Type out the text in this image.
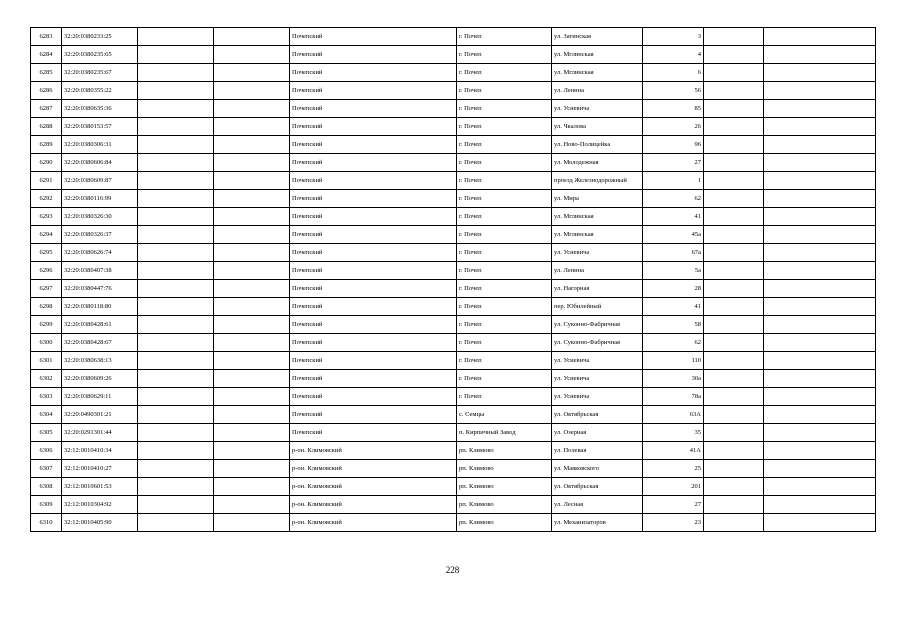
6283	32:20:0380233:25			Почепский	г. Почеп	ул. Затинская	3		
6284	32:20:0380235:65			Почепский	г. Почеп	ул. Мглинская	4		
6285	32:20:0380235:67			Почепский	г. Почеп	ул. Мглинская	6		
6286	32:20:0380355:22			Почепский	г. Почеп	ул. Ленина	56		
6287	32:20:0380635:36			Почепский	г. Почеп	ул. Усиевича	85		
6288	32:20:0380153:57			Почепский	г. Почеп	ул. Чкалова	26		
6289	32:20:0380306:31			Почепский	г. Почеп	ул. Ново-Полицейка	96		
6290	32:20:0380606:84			Почепский	г. Почеп	ул. Молодежная	27		
6291	32:20:0380609:87			Почепский	г. Почеп	проезд Железнодорожный	1		
6292	32:20:0380116:99			Почепский	г. Почеп	ул. Мира	62		
6293	32:20:0380326:30			Почепский	г. Почеп	ул. Мглинская	41		
6294	32:20:0380326:37			Почепский	г. Почеп	ул. Мглинская	45а		
6295	32:20:0380626:74			Почепский	г. Почеп	ул. Усиевича	67а		
6296	32:20:0380407:38			Почепский	г. Почеп	ул. Ленина	5а		
6297	32:20:0380447:76			Почепский	г. Почеп	ул. Нагорная	28		
6298	32:20:0380118:80			Почепский	г. Почеп	пер. Юбилейный	41		
6299	32:20:0380428:61			Почепский	г. Почеп	ул. Суконно-Фабричная	58		
6300	32:20:0380428:67			Почепский	г. Почеп	ул. Суконно-Фабричная	62		
6301	32:20:0380638:13			Почепский	г. Почеп	ул. Усиевича	110		
6302	32:20:0380609:26			Почепский	г. Почеп	ул. Усиевича	30а		
6303	32:20:0380629:11			Почепский	г. Почеп	ул. Усиевича	78а		
6304	32:20:0490301:21			Почепский	с. Семцы	ул. Октябрьская	63А		
6305	32:20:0291301:44			Почепский	п. Кирпичный Завод	ул. Озерная	35		
6306	32:12:0010410:34			р-он. Климовский	рп. Климово	ул. Полевая	41А		
6307	32:12:0010410:27			р-он. Климовский	рп. Климово	ул. Маяковского	25		
6308	32:12:0010601:53			р-он. Климовский	рп. Климово	ул. Октябрьская	201		
6309	32:12:0010304:92			р-он. Климовский	рп. Климово	ул. Лесная	27		
6310	32:12:0010405:90			р-он. Климовский	рп. Климово	ул. Механизаторов	23		
228
